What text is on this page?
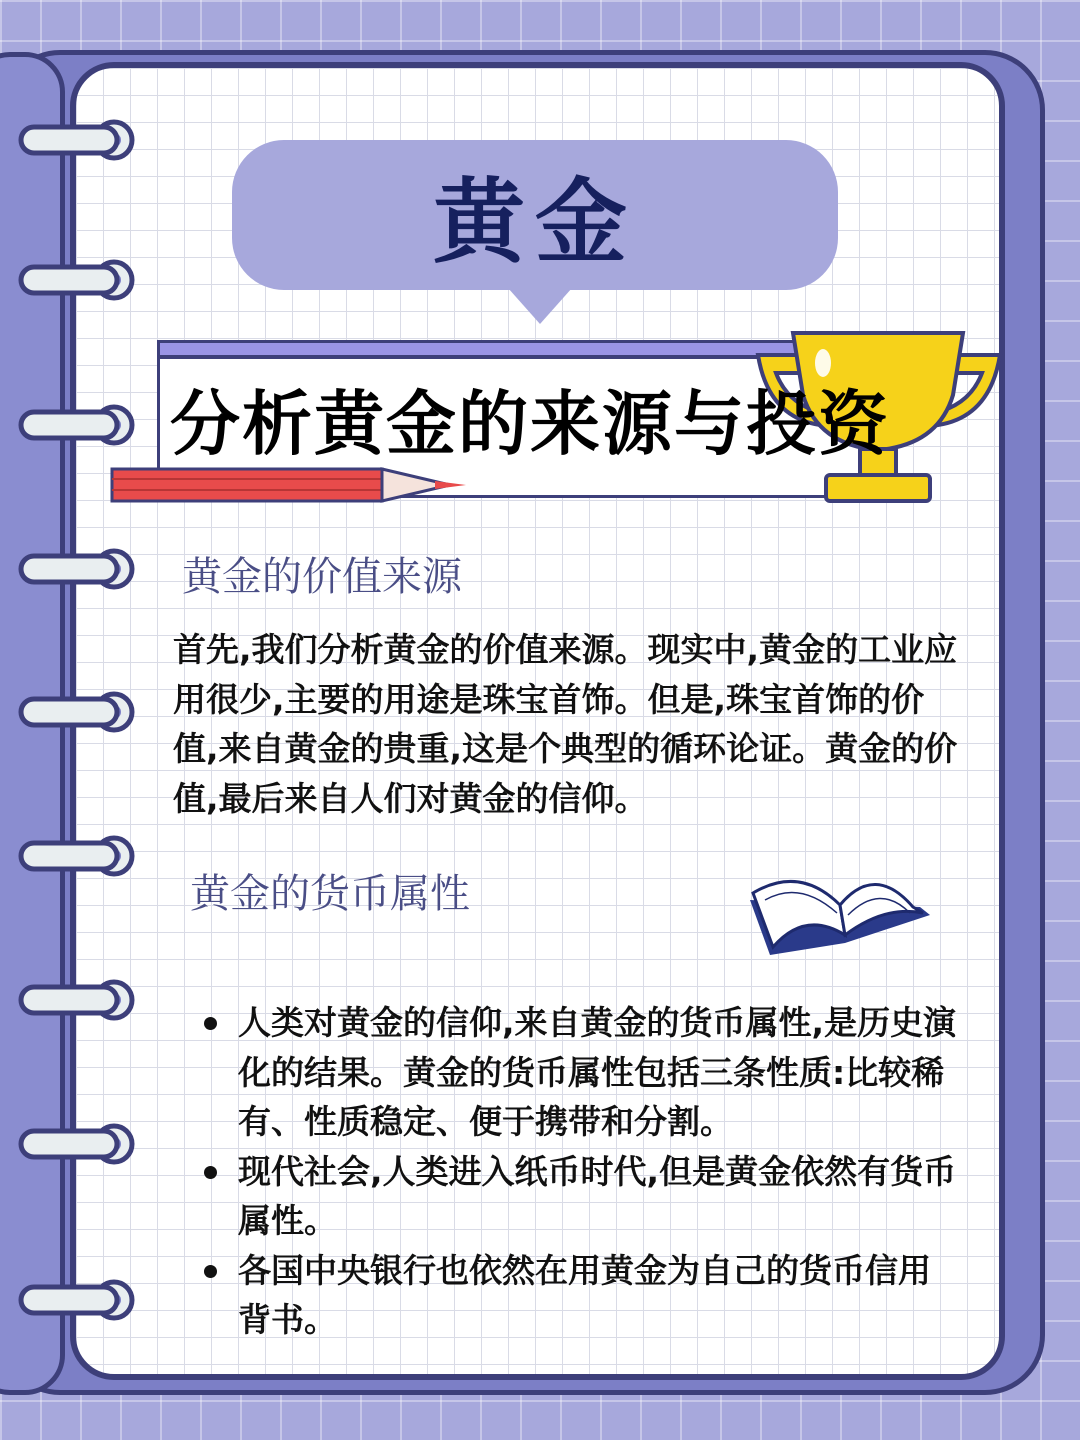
黄金
分析黄金的来源与投资
黄金的价值来源
首先,我们分析黄金的价值来源。现实中,黄金的工业应用很少,主要的用途是珠宝首饰。但是,珠宝首饰的价值,来自黄金的贵重,这是个典型的循环论证。黄金的价值,最后来自人们对黄金的信仰。
黄金的货币属性
人类对黄金的信仰,来自黄金的货币属性,是历史演化的结果。黄金的货币属性包括三条性质:比较稀有、性质稳定、便于携带和分割。
现代社会,人类进入纸币时代,但是黄金依然有货币属性。
各国中央银行也依然在用黄金为自己的货币信用背书。
